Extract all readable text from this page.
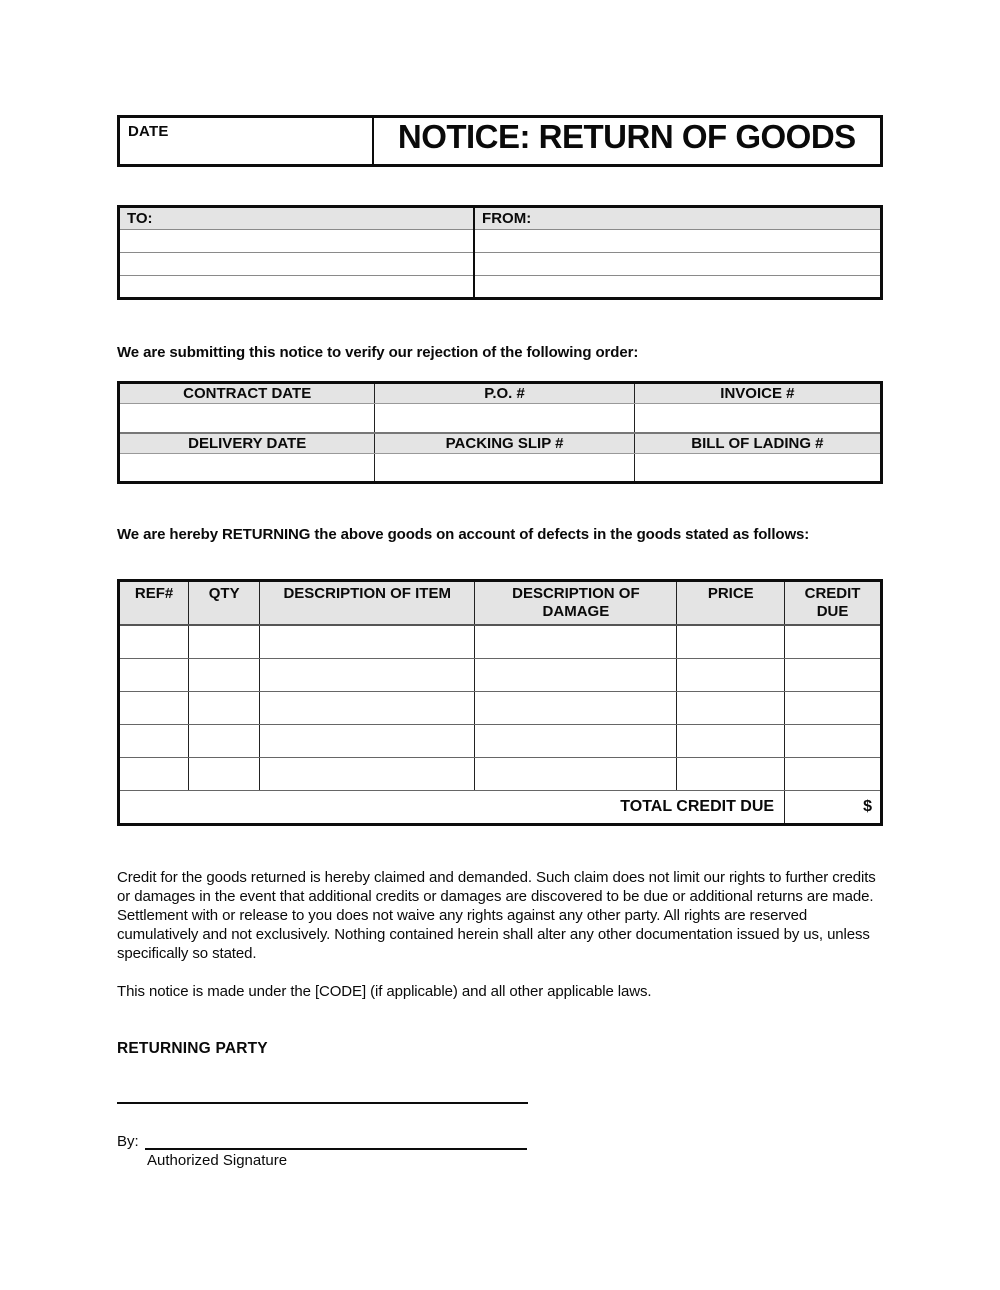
DATE	NOTICE: RETURN OF GOODS
TO:	FROM:

We are submitting this notice to verify our rejection of the following order:
CONTRACT DATE	P.O. #	INVOICE #

DELIVERY DATE	PACKING SLIP #	BILL OF LADING #

We are hereby RETURNING the above goods on account of defects in the goods stated as follows:
REF#	QTY	DESCRIPTION OF ITEM	DESCRIPTION OF DAMAGE	PRICE	CREDIT DUE

TOTAL CREDIT DUE					$

Credit for the goods returned is hereby claimed and demanded. Such claim does not limit our rights to further credits or damages in the event that additional credits or damages are discovered to be due or additional returns are made. Settlement with or release to you does not waive any rights against any other party. All rights are reserved cumulatively and not exclusively. Nothing contained herein shall alter any other documentation issued by us, unless specifically so stated.

This notice is made under the [CODE] (if applicable) and all other applicable laws.

RETURNING PARTY
By:
Authorized Signature
